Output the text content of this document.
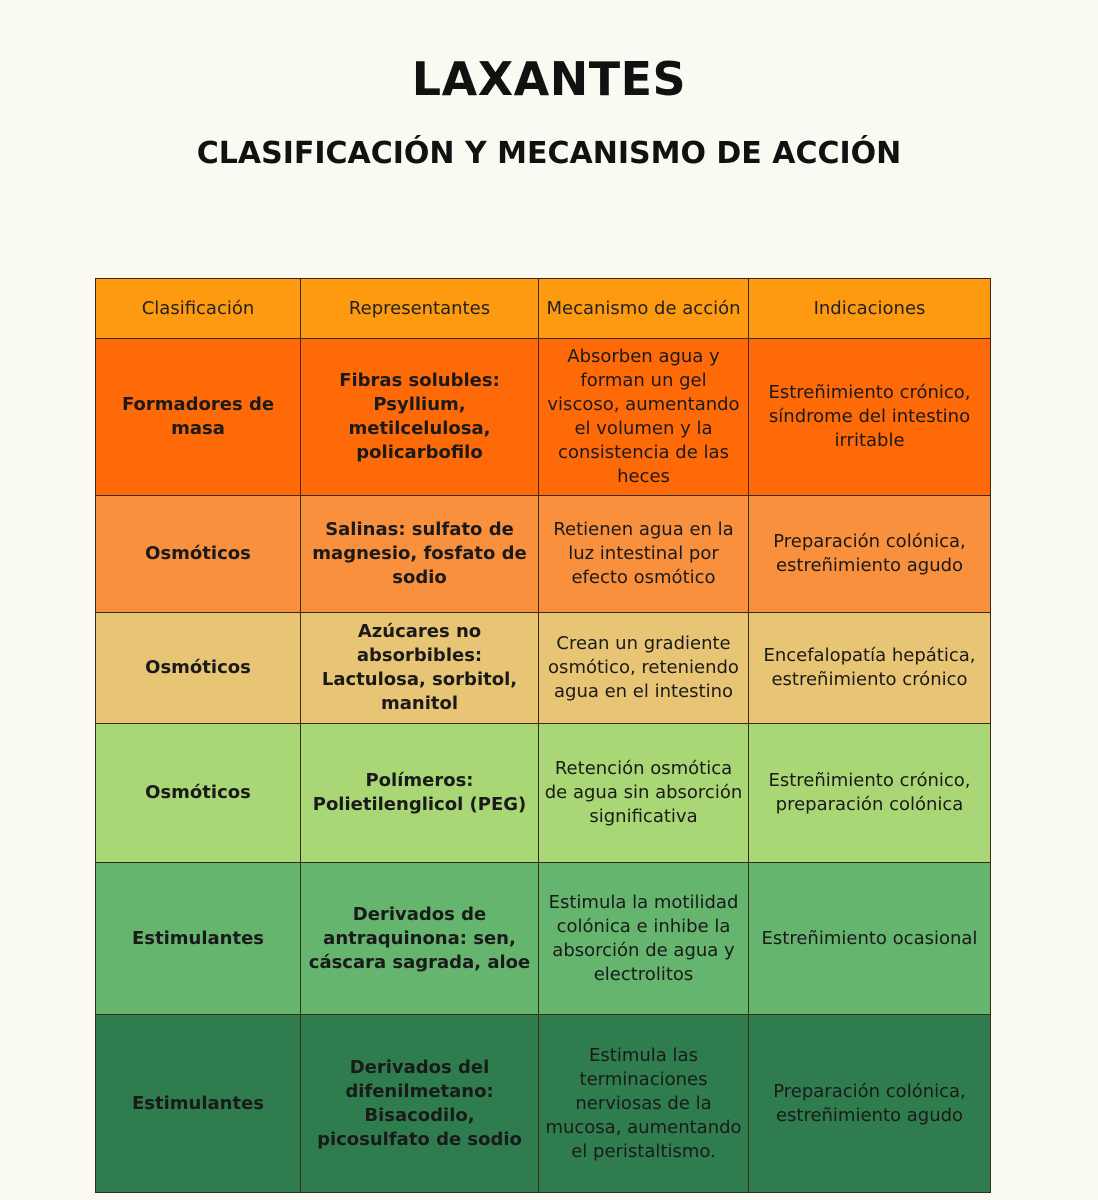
LAXANTES
CLASIFICACIÓN Y MECANISMO DE ACCIÓN
Clasificación	Representantes	Mecanismo de acción	Indicaciones
Formadores de masa	Fibras solubles: Psyllium, metilcelulosa, policarbofilo	Absorben agua y forman un gel viscoso, aumentando el volumen y la consistencia de las heces	Estreñimiento crónico, síndrome del intestino irritable
Osmóticos	Salinas: sulfato de magnesio, fosfato de sodio	Retienen agua en la luz intestinal por efecto osmótico	Preparación colónica, estreñimiento agudo
Osmóticos	Azúcares no absorbibles: Lactulosa, sorbitol, manitol	Crean un gradiente osmótico, reteniendo agua en el intestino	Encefalopatía hepática, estreñimiento crónico
Osmóticos	Polímeros: Polietilenglicol (PEG)	Retención osmótica de agua sin absorción significativa	Estreñimiento crónico, preparación colónica
Estimulantes	Derivados de antraquinona: sen, cáscara sagrada, aloe	Estimula la motilidad colónica e inhibe la absorción de agua y electrolitos	Estreñimiento ocasional
Estimulantes	Derivados del difenilmetano: Bisacodilo, picosulfato de sodio	Estimula las terminaciones nerviosas de la mucosa, aumentando el peristaltismo.	Preparación colónica, estreñimiento agudo
